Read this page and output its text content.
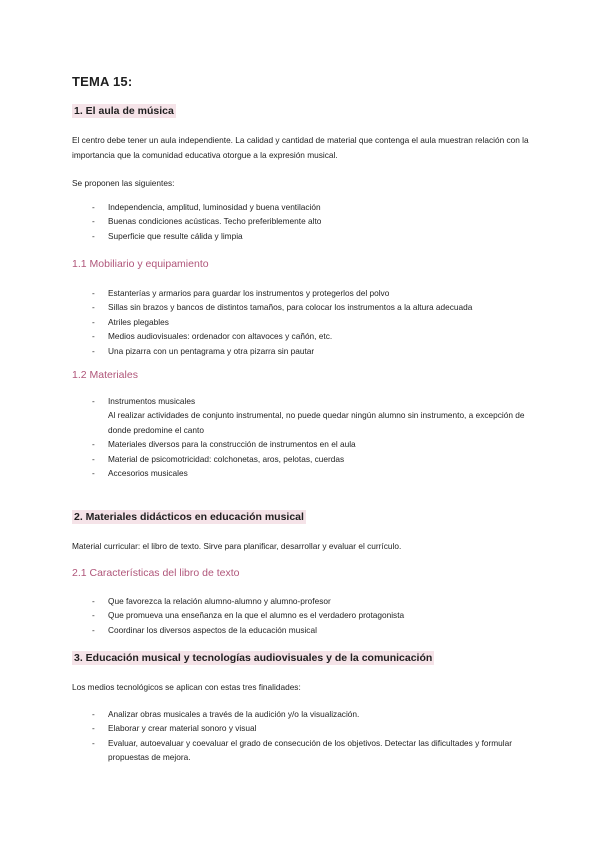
TEMA 15:
1. El aula de música
El centro debe tener un aula independiente. La calidad y cantidad de material que contenga el aula muestran relación con la importancia que la comunidad educativa otorgue a la expresión musical.
Se proponen las siguientes:
- Independencia, amplitud, luminosidad y buena ventilación
- Buenas condiciones acústicas. Techo preferiblemente alto
- Superficie que resulte cálida y limpia
1.1 Mobiliario y equipamiento
- Estanterías y armarios para guardar los instrumentos y protegerlos del polvo
- Sillas sin brazos y bancos de distintos tamaños, para colocar los instrumentos a la altura adecuada
- Atriles plegables
- Medios audiovisuales: ordenador con altavoces y cañón, etc.
- Una pizarra con un pentagrama y otra pizarra sin pautar
1.2 Materiales
- Instrumentos musicales
Al realizar actividades de conjunto instrumental, no puede quedar ningún alumno sin instrumento, a excepción de donde predomine el canto
- Materiales diversos para la construcción de instrumentos en el aula
- Material de psicomotricidad: colchonetas, aros, pelotas, cuerdas
- Accesorios musicales
2. Materiales didácticos en educación musical
Material curricular: el libro de texto. Sirve para planificar, desarrollar y evaluar el currículo.
2.1 Características del libro de texto
- Que favorezca la relación alumno-alumno y alumno-profesor
- Que promueva una enseñanza en la que el alumno es el verdadero protagonista
- Coordinar los diversos aspectos de la educación musical
3. Educación musical y tecnologías audiovisuales y de la comunicación
Los medios tecnológicos se aplican con estas tres finalidades:
- Analizar obras musicales a través de la audición y/o la visualización.
- Elaborar y crear material sonoro y visual
- Evaluar, autoevaluar y coevaluar el grado de consecución de los objetivos. Detectar las dificultades y formular propuestas de mejora.
